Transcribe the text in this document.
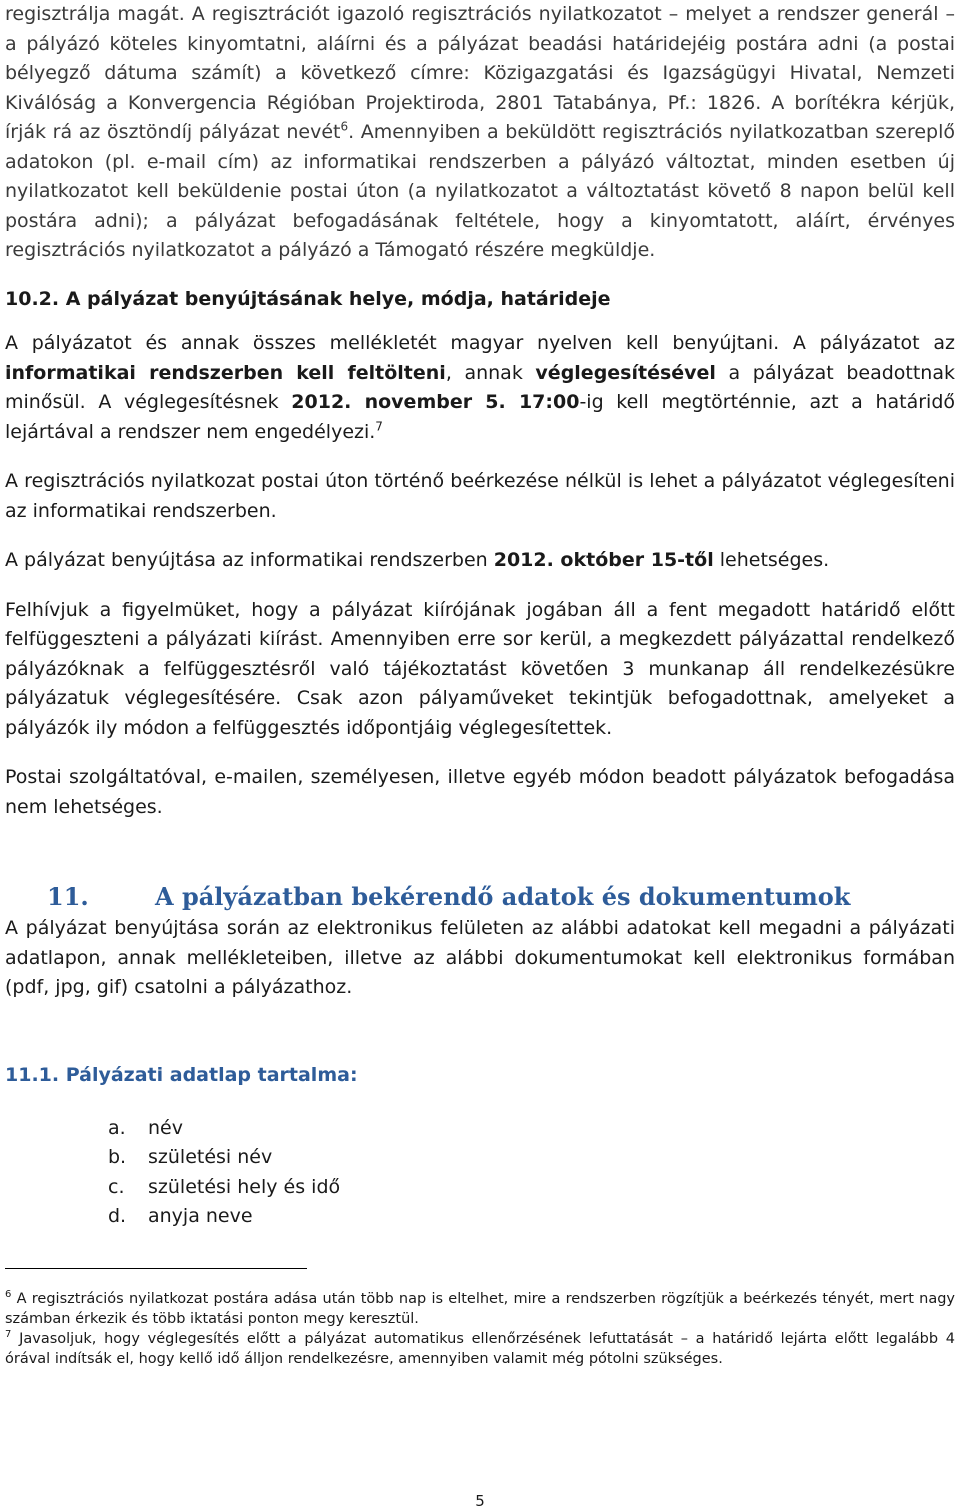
regisztrálja magát. A regisztrációt igazoló regisztrációs nyilatkozatot – melyet a rendszer generál – a pályázó köteles kinyomtatni, aláírni és a pályázat beadási határidejéig postára adni (a postai bélyegző dátuma számít) a következő címre: Közigazgatási és Igazságügyi Hivatal, Nemzeti Kiválóság a Konvergencia Régióban Projektiroda, 2801 Tatabánya, Pf.: 1826. A borítékra kérjük, írják rá az ösztöndíj pályázat nevét$^6$. Amennyiben a beküldött regisztrációs nyilatkozatban szereplő adatokon (pl. e-mail cím) az informatikai rendszerben a pályázó változtat, minden esetben új nyilatkozatot kell beküldenie postai úton (a nyilatkozatot a változtatást követő 8 napon belül kell postára adni); a pályázat befogadásának feltétele, hogy a kinyomtatott, aláírt, érvényes regisztrációs nyilatkozatot a pályázó a Támogató részére megküldje.

10.2. A pályázat benyújtásának helye, módja, határideje

A pályázatot és annak összes mellékletét magyar nyelven kell benyújtani. A pályázatot az informatikai rendszerben kell feltölteni, annak véglegesítésével a pályázat beadottnak minősül. A véglegesítésnek 2012. november 5. 17:00-ig kell megtörténnie, azt a határidő lejártával a rendszer nem engedélyezi.$^7$

A regisztrációs nyilatkozat postai úton történő beérkezése nélkül is lehet a pályázatot véglegesíteni az informatikai rendszerben.

A pályázat benyújtása az informatikai rendszerben 2012. október 15-től lehetséges.

Felhívjuk a figyelmüket, hogy a pályázat kiírójának jogában áll a fent megadott határidő előtt felfüggeszteni a pályázati kiírást. Amennyiben erre sor kerül, a megkezdett pályázattal rendelkező pályázóknak a felfüggesztésről való tájékoztatást követően 3 munkanap áll rendelkezésükre pályázatuk véglegesítésére. Csak azon pályaműveket tekintjük befogadottnak, amelyeket a pályázók ily módon a felfüggesztés időpontjáig véglegesítettek.

Postai szolgáltatóval, e-mailen, személyesen, illetve egyéb módon beadott pályázatok befogadása nem lehetséges.

11.	A pályázatban bekérendő adatok és dokumentumok

A pályázat benyújtása során az elektronikus felületen az alábbi adatokat kell megadni a pályázati adatlapon, annak mellékleteiben, illetve az alábbi dokumentumokat kell elektronikus formában (pdf, jpg, gif) csatolni a pályázathoz.

11.1. Pályázati adatlap tartalma:
a. név
b. születési név
c. születési hely és idő
d. anyja neve

$^6$ A regisztrációs nyilatkozat postára adása után több nap is eltelhet, mire a rendszerben rögzítjük a beérkezés tényét, mert nagy számban érkezik és több iktatási ponton megy keresztül.

$^7$ Javasoljuk, hogy véglegesítés előtt a pályázat automatikus ellenőrzésének lefuttatását – a határidő lejárta előtt legalább 4 órával indítsák el, hogy kellő idő álljon rendelkezésre, amennyiben valamit még pótolni szükséges.

5
